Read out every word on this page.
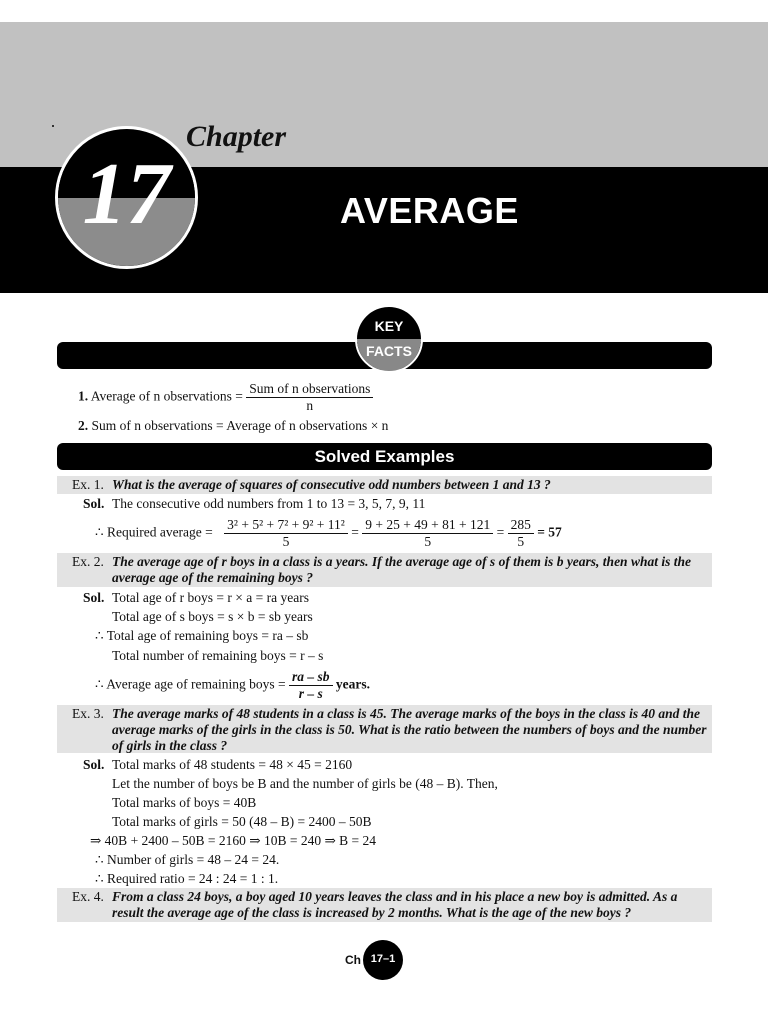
17
Chapter
AVERAGE
KEY
FACTS
1. Average of n observations = $\frac{\text{Sum of n observations}}{n}$
2. Sum of n observations = Average of n observations × n
Solved Examples
Ex. 1. What is the average of squares of consecutive odd numbers between 1 and 13 ?
Sol. The consecutive odd numbers from 1 to 13 = 3, 5, 7, 9, 11
∴ Required average = $\frac{\text{3² + 5² + 7² + 9² + 11²}}{5} = \frac{9 + 25 + 49 + 81 + 121}{5} = \frac{285}{5} = 57$
Ex. 2. The average age of r boys in a class is a years. If the average age of s of them is b years, then what is the average age of the remaining boys ?
Sol. Total age of r boys = r × a = ra years
Total age of s boys = s × b = sb years
∴ Total age of remaining boys = ra – sb
Total number of remaining boys = r – s
∴ Average age of remaining boys = $\frac{ra - sb}{r - s}$ years.
Ex. 3. The average marks of 48 students in a class is 45. The average marks of the boys in the class is 40 and the average marks of the girls in the class is 50. What is the ratio between the numbers of boys and the number of girls in the class ?
Sol. Total marks of 48 students = 48 × 45 = 2160
Let the number of boys be B and the number of girls be (48 – B). Then,
Total marks of boys = 40B
Total marks of girls = 50 (48 – B) = 2400 – 50B
⇒ 40B + 2400 – 50B = 2160 ⇒ 10B = 240 ⇒ B = 24
∴ Number of girls = 48 – 24 = 24.
∴ Required ratio = 24 : 24 = 1 : 1.
Ex. 4. From a class 24 boys, a boy aged 10 years leaves the class and in his place a new boy is admitted. As a result the average age of the class is increased by 2 months. What is the age of the new boys ?
Ch 17–1
